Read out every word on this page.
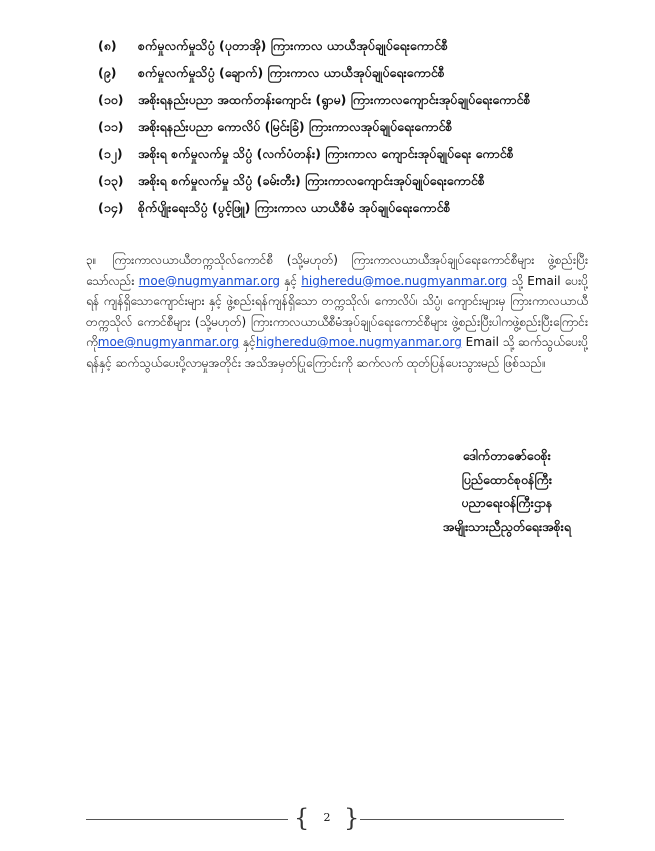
(၈)	စက်မှုလက်မှုသိပ္ပံ (ပုတာအို) ကြားကာလ ယာယီအုပ်ချုပ်ရေးကောင်စီ
(၉)	စက်မှုလက်မှုသိပ္ပံ (ချောက်) ကြားကာလ ယာယီအုပ်ချုပ်ရေးကောင်စီ
(၁၀)	အစိုးရနည်းပညာ အထက်တန်းကျောင်း (ရွာမ) ကြားကာလကျောင်းအုပ်ချုပ်ရေးကောင်စီ
(၁၁)	အစိုးရနည်းပညာ ကောလိပ် (မြင်းခြံ) ကြားကာလအုပ်ချုပ်ရေးကောင်စီ
(၁၂)	အစိုးရ စက်မှုလက်မှု သိပ္ပံ (လက်ပံတန်း) ကြားကာလ ကျောင်းအုပ်ချုပ်ရေး ကောင်စီ
(၁၃)	အစိုးရ စက်မှုလက်မှု သိပ္ပံ (ခမ်းတီး) ကြားကာလကျောင်းအုပ်ချုပ်ရေးကောင်စီ
(၁၄)	စိုက်ပျိုးရေးသိပ္ပံ (ပွင့်ဖြူ) ကြားကာလ ယာယီစီမံ အုပ်ချုပ်ရေးကောင်စီ

၃။ ကြားကာလယာယီတက္ကသိုလ်ကောင်စီ (သို့မဟုတ်) ကြားကာလယာယီအုပ်ချုပ်ရေးကောင်စီများ ဖွဲ့စည်းပြီးသော်လည်း moe@nugmyanmar.org နှင့် higheredu@moe.nugmyanmar.org သို့ Email ပေးပို့ရန် ကျန်ရှိသောကျောင်းများ နှင့် ဖွဲ့စည်းရန်ကျန်ရှိသော တက္ကသိုလ်၊ ကောလိပ်၊ သိပ္ပံ၊ ကျောင်းများမှ ကြားကာလယာယီတက္ကသိုလ် ကောင်စီများ (သို့မဟုတ်) ကြားကာလယာယီစီမံအုပ်ချုပ်ရေးကောင်စီများ ဖွဲ့စည်းပြီးပါကဖွဲ့စည်းပြီးကြောင်းကိုmoe@nugmyanmar.org နှင့်higheredu@moe.nugmyanmar.org Email သို့ ဆက်သွယ်ပေးပို့ရန်နှင့် ဆက်သွယ်ပေးပို့လာမှုအတိုင်း အသိအမှတ်ပြုကြောင်းကို ဆက်လက် ထုတ်ပြန်ပေးသွားမည် ဖြစ်သည်။

ဒေါက်တာဇော်ဝေစိုး
ပြည်ထောင်စုဝန်ကြီး
ပညာရေးဝန်ကြီးဌာန
အမျိုးသားညီညွတ်ရေးအစိုးရ
{	2 }
